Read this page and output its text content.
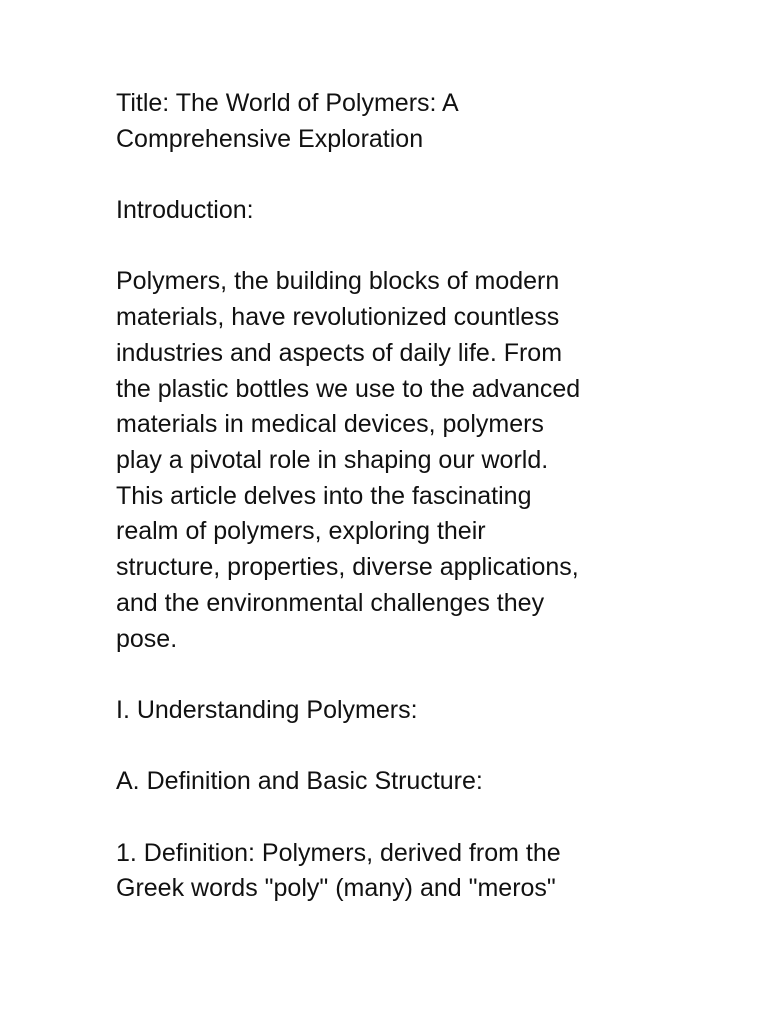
Title: The World of Polymers: A
Comprehensive Exploration

Introduction:

Polymers, the building blocks of modern
materials, have revolutionized countless
industries and aspects of daily life. From
the plastic bottles we use to the advanced
materials in medical devices, polymers
play a pivotal role in shaping our world.
This article delves into the fascinating
realm of polymers, exploring their
structure, properties, diverse applications,
and the environmental challenges they
pose.

I. Understanding Polymers:

A. Definition and Basic Structure:

1. Definition: Polymers, derived from the
Greek words "poly" (many) and "meros"
